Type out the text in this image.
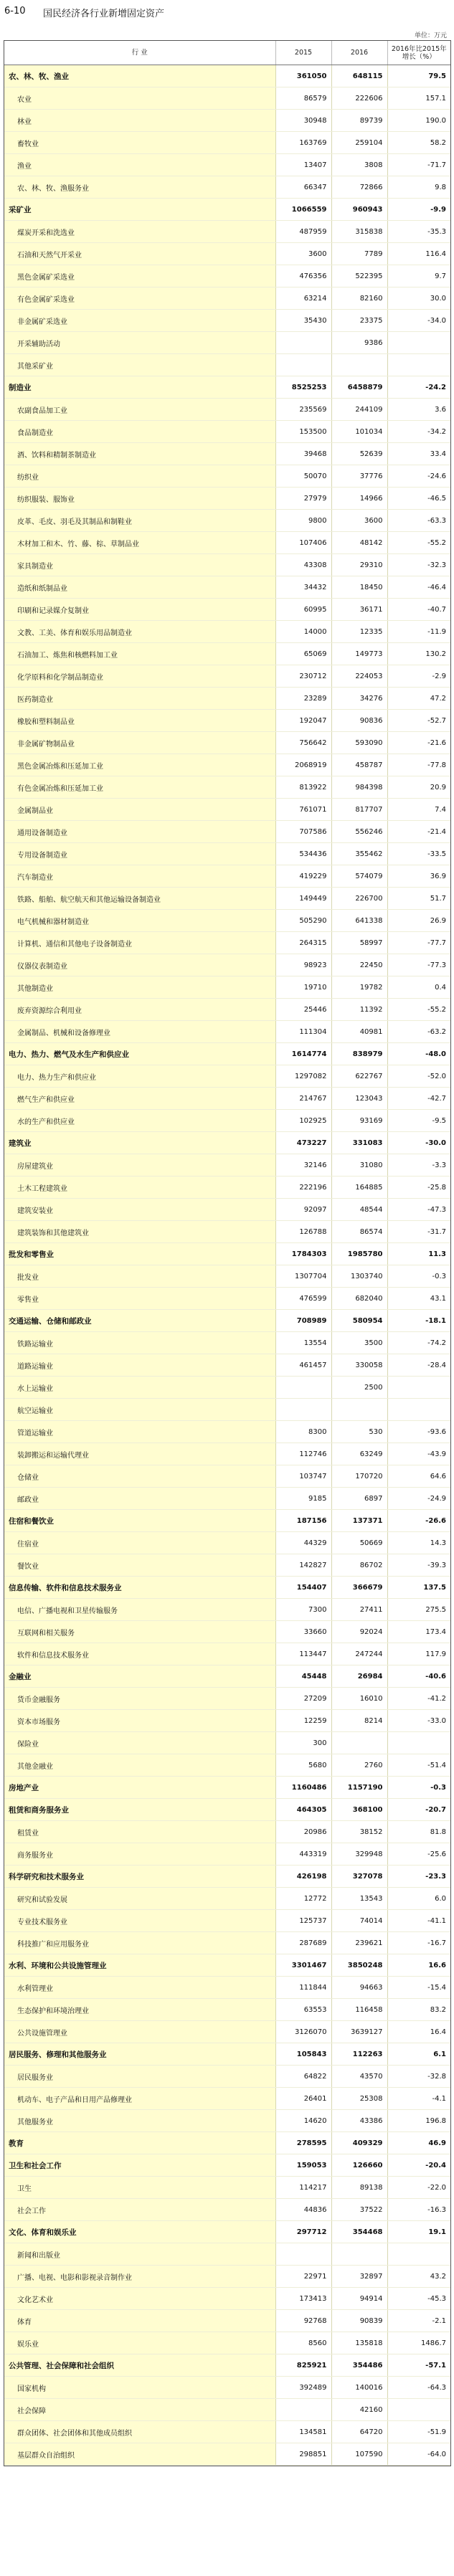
6-10 国民经济各行业新增固定资产
单位：万元
行 业	2015	2016	2016年比2015年
增长（%）
农、林、牧、渔业	361050	648115	79.5
农业	86579	222606	157.1
林业	30948	89739	190.0
畜牧业	163769	259104	58.2
渔业	13407	3808	-71.7
农、林、牧、渔服务业	66347	72866	9.8
采矿业	1066559	960943	-9.9
煤炭开采和洗选业	487959	315838	-35.3
石油和天然气开采业	3600	7789	116.4
黑色金属矿采选业	476356	522395	9.7
有色金属矿采选业	63214	82160	30.0
非金属矿采选业	35430	23375	-34.0
开采辅助活动		9386	
其他采矿业			
制造业	8525253	6458879	-24.2
农副食品加工业	235569	244109	3.6
食品制造业	153500	101034	-34.2
酒、饮料和精制茶制造业	39468	52639	33.4
纺织业	50070	37776	-24.6
纺织服装、服饰业	27979	14966	-46.5
皮革、毛皮、羽毛及其制品和制鞋业	9800	3600	-63.3
木材加工和木、竹、藤、棕、草制品业	107406	48142	-55.2
家具制造业	43308	29310	-32.3
造纸和纸制品业	34432	18450	-46.4
印刷和记录媒介复制业	60995	36171	-40.7
文教、工美、体育和娱乐用品制造业	14000	12335	-11.9
石油加工、炼焦和核燃料加工业	65069	149773	130.2
化学原料和化学制品制造业	230712	224053	-2.9
医药制造业	23289	34276	47.2
橡胶和塑料制品业	192047	90836	-52.7
非金属矿物制品业	756642	593090	-21.6
黑色金属冶炼和压延加工业	2068919	458787	-77.8
有色金属冶炼和压延加工业	813922	984398	20.9
金属制品业	761071	817707	7.4
通用设备制造业	707586	556246	-21.4
专用设备制造业	534436	355462	-33.5
汽车制造业	419229	574079	36.9
铁路、船舶、航空航天和其他运输设备制造业	149449	226700	51.7
电气机械和器材制造业	505290	641338	26.9
计算机、通信和其他电子设备制造业	264315	58997	-77.7
仪器仪表制造业	98923	22450	-77.3
其他制造业	19710	19782	0.4
废弃资源综合利用业	25446	11392	-55.2
金属制品、机械和设备修理业	111304	40981	-63.2
电力、热力、燃气及水生产和供应业	1614774	838979	-48.0
电力、热力生产和供应业	1297082	622767	-52.0
燃气生产和供应业	214767	123043	-42.7
水的生产和供应业	102925	93169	-9.5
建筑业	473227	331083	-30.0
房屋建筑业	32146	31080	-3.3
土木工程建筑业	222196	164885	-25.8
建筑安装业	92097	48544	-47.3
建筑装饰和其他建筑业	126788	86574	-31.7
批发和零售业	1784303	1985780	11.3
批发业	1307704	1303740	-0.3
零售业	476599	682040	43.1
交通运输、仓储和邮政业	708989	580954	-18.1
铁路运输业	13554	3500	-74.2
道路运输业	461457	330058	-28.4
水上运输业		2500	
航空运输业			
管道运输业	8300	530	-93.6
装卸搬运和运输代理业	112746	63249	-43.9
仓储业	103747	170720	64.6
邮政业	9185	6897	-24.9
住宿和餐饮业	187156	137371	-26.6
住宿业	44329	50669	14.3
餐饮业	142827	86702	-39.3
信息传输、软件和信息技术服务业	154407	366679	137.5
电信、广播电视和卫星传输服务	7300	27411	275.5
互联网和相关服务	33660	92024	173.4
软件和信息技术服务业	113447	247244	117.9
金融业	45448	26984	-40.6
货币金融服务	27209	16010	-41.2
资本市场服务	12259	8214	-33.0
保险业	300		
其他金融业	5680	2760	-51.4
房地产业	1160486	1157190	-0.3
租赁和商务服务业	464305	368100	-20.7
租赁业	20986	38152	81.8
商务服务业	443319	329948	-25.6
科学研究和技术服务业	426198	327078	-23.3
研究和试验发展	12772	13543	6.0
专业技术服务业	125737	74014	-41.1
科技推广和应用服务业	287689	239621	-16.7
水利、环境和公共设施管理业	3301467	3850248	16.6
水利管理业	111844	94663	-15.4
生态保护和环境治理业	63553	116458	83.2
公共设施管理业	3126070	3639127	16.4
居民服务、修理和其他服务业	105843	112263	6.1
居民服务业	64822	43570	-32.8
机动车、电子产品和日用产品修理业	26401	25308	-4.1
其他服务业	14620	43386	196.8
教育	278595	409329	46.9
卫生和社会工作	159053	126660	-20.4
卫生	114217	89138	-22.0
社会工作	44836	37522	-16.3
文化、体育和娱乐业	297712	354468	19.1
新闻和出版业			
广播、电视、电影和影视录音制作业	22971	32897	43.2
文化艺术业	173413	94914	-45.3
体育	92768	90839	-2.1
娱乐业	8560	135818	1486.7
公共管理、社会保障和社会组织	825921	354486	-57.1
国家机构	392489	140016	-64.3
社会保障		42160	
群众团体、社会团体和其他成员组织	134581	64720	-51.9
基层群众自治组织	298851	107590	-64.0
